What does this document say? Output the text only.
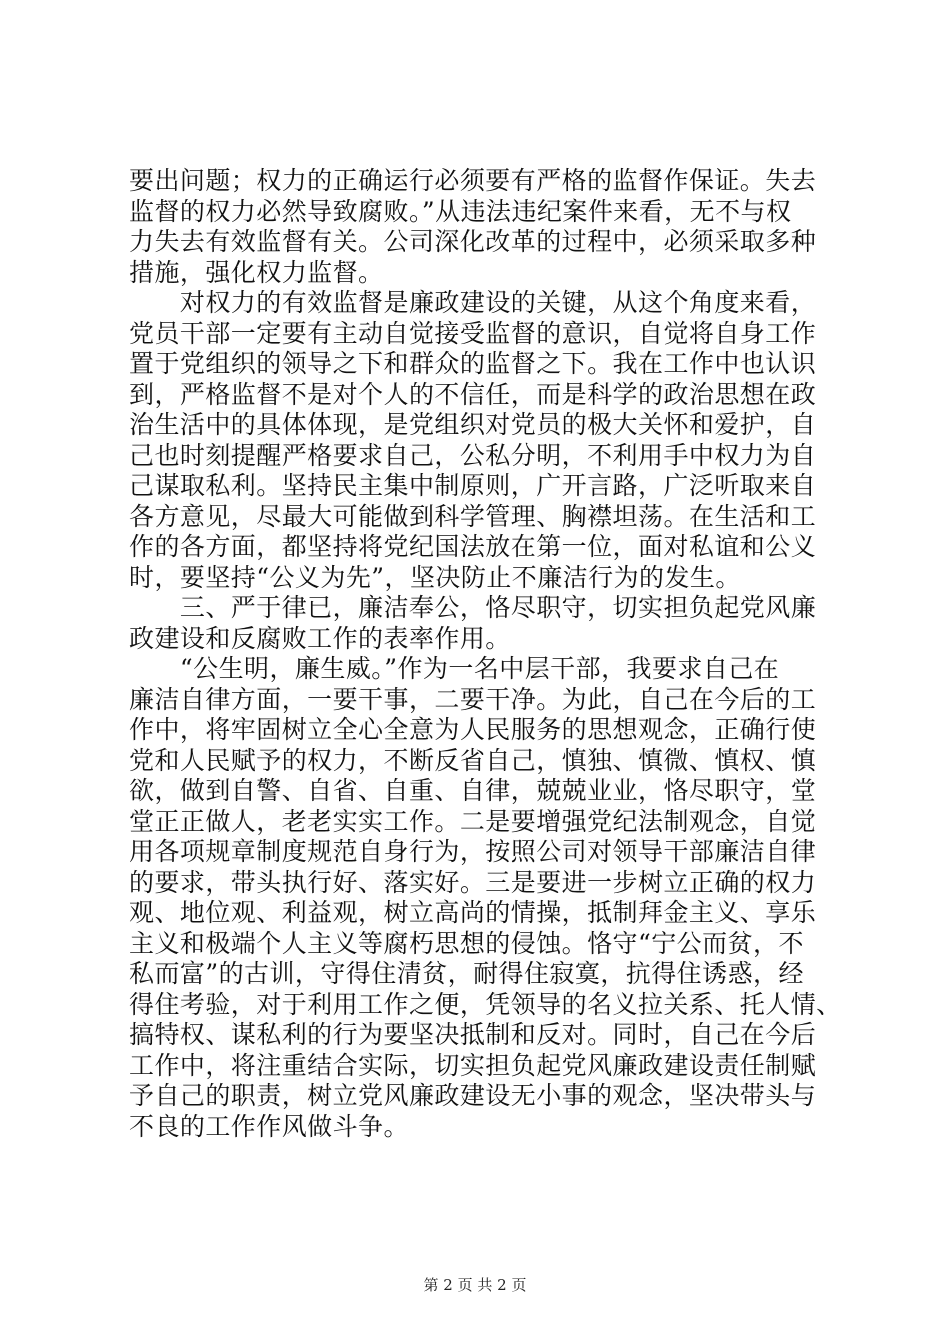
要出问题；权力的正确运行必须要有严格的监督作保证。失去
监督的权力必然导致腐败。”从违法违纪案件来看，无不与权
力失去有效监督有关。公司深化改革的过程中，必须采取多种
措施，强化权力监督。
　　对权力的有效监督是廉政建设的关键，从这个角度来看，
党员干部一定要有主动自觉接受监督的意识，自觉将自身工作
置于党组织的领导之下和群众的监督之下。我在工作中也认识
到，严格监督不是对个人的不信任，而是科学的政治思想在政
治生活中的具体体现，是党组织对党员的极大关怀和爱护，自
己也时刻提醒严格要求自己，公私分明，不利用手中权力为自
己谋取私利。坚持民主集中制原则，广开言路，广泛听取来自
各方意见，尽最大可能做到科学管理、胸襟坦荡。在生活和工
作的各方面，都坚持将党纪国法放在第一位，面对私谊和公义
时，要坚持“公义为先”，坚决防止不廉洁行为的发生。
　　三、严于律已，廉洁奉公，恪尽职守，切实担负起党风廉
政建设和反腐败工作的表率作用。
　　“公生明，廉生威。”作为一名中层干部，我要求自己在
廉洁自律方面，一要干事，二要干净。为此，自己在今后的工
作中，将牢固树立全心全意为人民服务的思想观念，正确行使
党和人民赋予的权力，不断反省自己，慎独、慎微、慎权、慎
欲，做到自警、自省、自重、自律，兢兢业业，恪尽职守，堂
堂正正做人，老老实实工作。二是要增强党纪法制观念，自觉
用各项规章制度规范自身行为，按照公司对领导干部廉洁自律
的要求，带头执行好、落实好。三是要进一步树立正确的权力
观、地位观、利益观，树立高尚的情操，抵制拜金主义、享乐
主义和极端个人主义等腐朽思想的侵蚀。恪守“宁公而贫，不
私而富”的古训，守得住清贫，耐得住寂寞，抗得住诱惑，经
得住考验，对于利用工作之便，凭领导的名义拉关系、托人情、
搞特权、谋私利的行为要坚决抵制和反对。同时，自己在今后
工作中，将注重结合实际，切实担负起党风廉政建设责任制赋
予自己的职责，树立党风廉政建设无小事的观念，坚决带头与
不良的工作作风做斗争。
第 2 页 共 2 页
